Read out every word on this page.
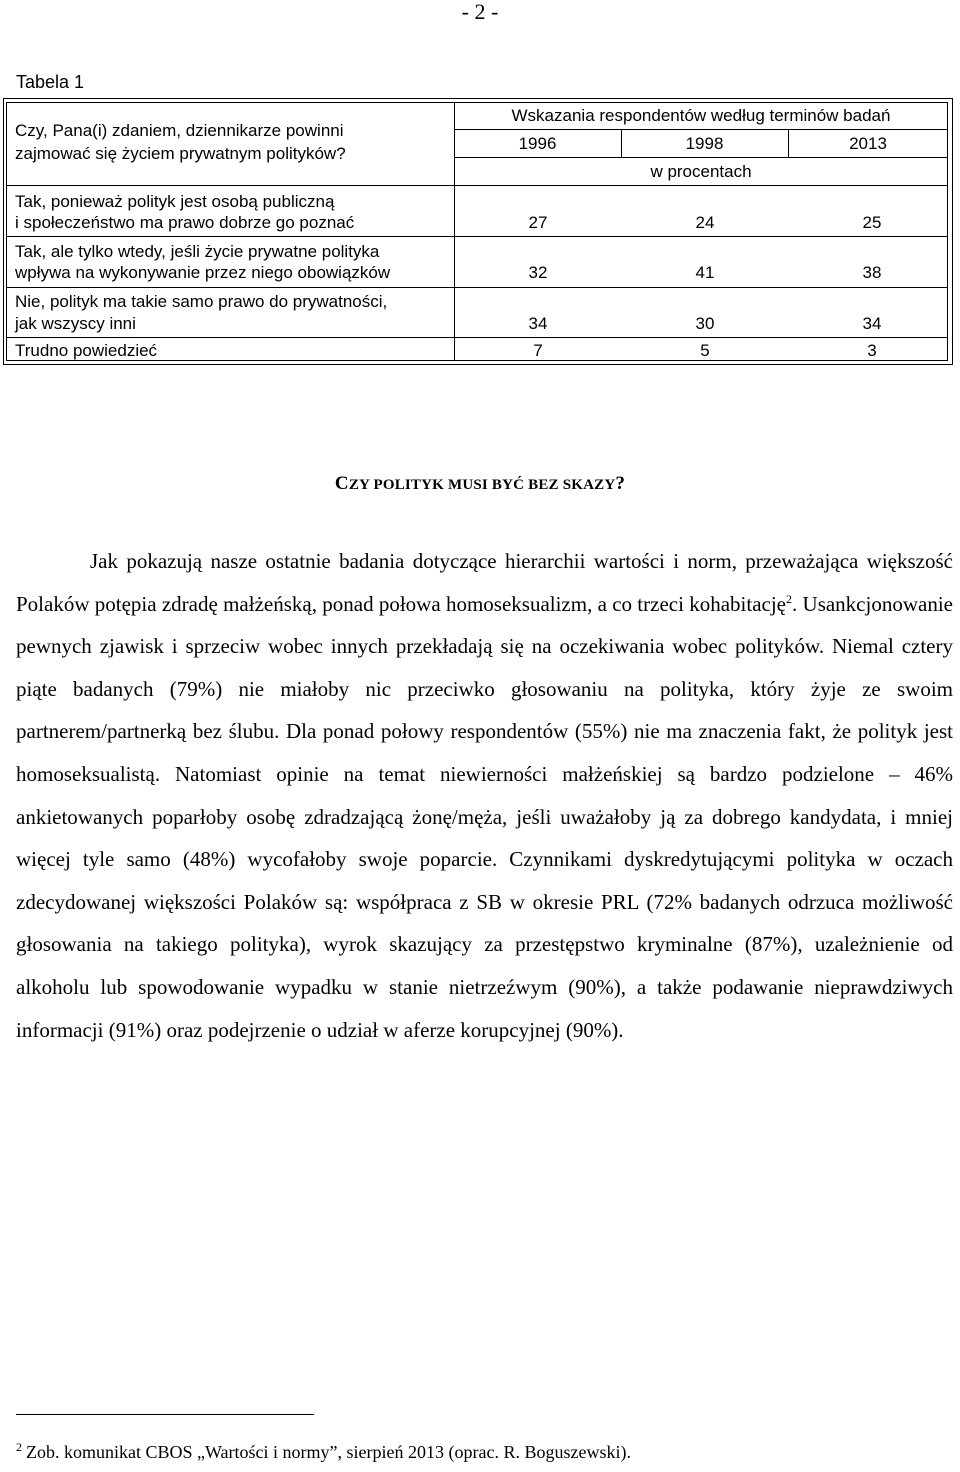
- 2 -
Tabela 1
Czy, Pana(i) zdaniem, dziennikarze powinni
zajmować się życiem prywatnym polityków?
Wskazania respondentów według terminów badań
1996	1998	2013
w procentach
Tak, ponieważ polityk jest osobą publiczną
i społeczeństwo ma prawo dobrze go poznać	27	24	25
Tak, ale tylko wtedy, jeśli życie prywatne polityka
wpływa na wykonywanie przez niego obowiązków	32	41	38
Nie, polityk ma takie samo prawo do prywatności,
jak wszyscy inni	34	30	34
Trudno powiedzieć	7	5	3
CZY POLITYK MUSI BYĆ BEZ SKAZY?

Jak pokazują nasze ostatnie badania dotyczące hierarchii wartości i norm, przeważająca większość Polaków potępia zdradę małżeńską, ponad połowa homoseksualizm, a co trzeci kohabitację$^2$. Usankcjonowanie pewnych zjawisk i sprzeciw wobec innych przekładają się na oczekiwania wobec polityków. Niemal cztery piąte badanych (79%) nie miałoby nic przeciwko głosowaniu na polityka, który żyje ze swoim partnerem/partnerką bez ślubu. Dla ponad połowy respondentów (55%) nie ma znaczenia fakt, że polityk jest homoseksualistą. Natomiast opinie na temat niewierności małżeńskiej są bardzo podzielone – 46% ankietowanych poparłoby osobę zdradzającą żonę/męża, jeśli uważałoby ją za dobrego kandydata, i mniej więcej tyle samo (48%) wycofałoby swoje poparcie. Czynnikami dyskredytującymi polityka w oczach zdecydowanej większości Polaków są: współpraca z SB w okresie PRL (72% badanych odrzuca możliwość głosowania na takiego polityka), wyrok skazujący za przestępstwo kryminalne (87%), uzależnienie od alkoholu lub spowodowanie wypadku w stanie nietrzeźwym (90%), a także podawanie nieprawdziwych informacji (91%) oraz podejrzenie o udział w aferze korupcyjnej (90%).

$^2$ Zob. komunikat CBOS „Wartości i normy”, sierpień 2013 (oprac. R. Boguszewski).
